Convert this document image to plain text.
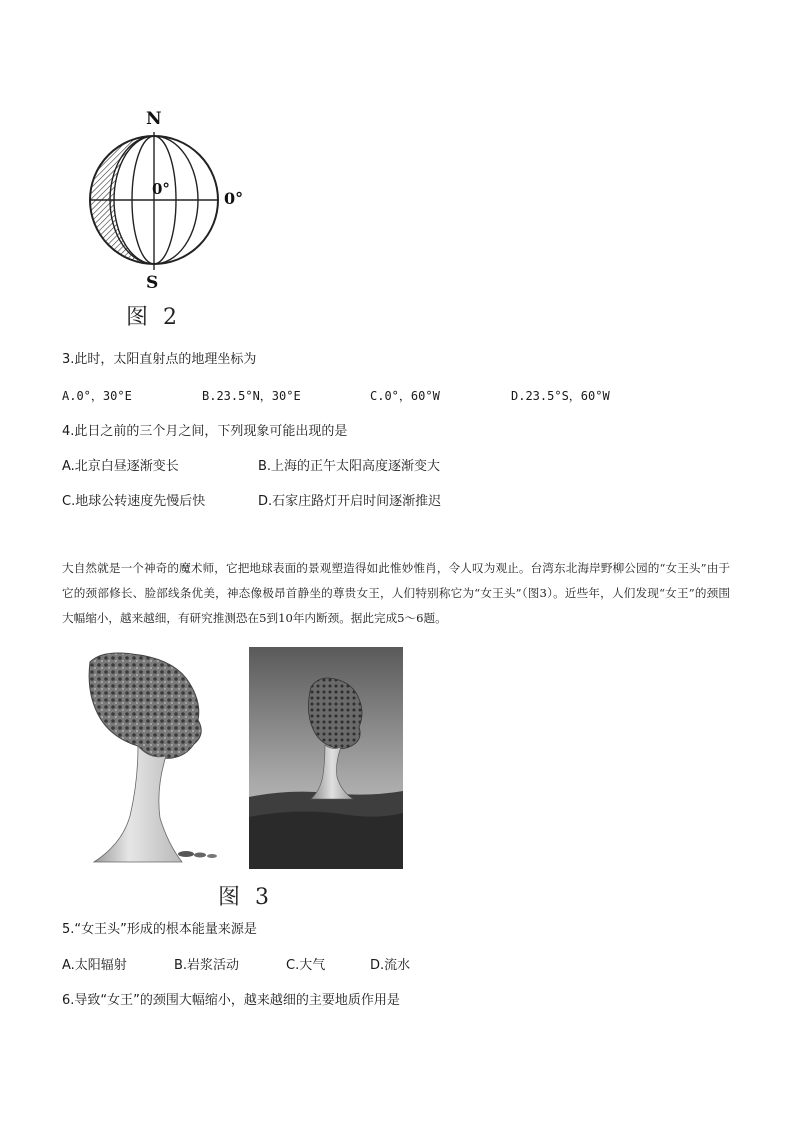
N
S
0°	0°
图 2
3.此时，太阳直射点的地理坐标为
A.0°，30°E	B.23.5°N，30°E	C.0°，60°W	D.23.5°S，60°W
4.此日之前的三个月之间，下列现象可能出现的是
A.北京白昼逐渐变长	B.上海的正午太阳高度逐渐变大
C.地球公转速度先慢后快	D.石家庄路灯开启时间逐渐推迟
大自然就是一个神奇的魔术师，它把地球表面的景观塑造得如此惟妙惟肖，令人叹为观止。台湾东北海岸野柳公园的“女王头”由于它的颈部修长、脸部线条优美，神态像极昂首静坐的尊贵女王，人们特别称它为“女王头”（图3）。近些年，人们发现“女王”的颈围大幅缩小，越来越细，有研究推测恐在5到10年内断颈。据此完成5～6题。
图 3
5.“女王头”形成的根本能量来源是
A.太阳辐射	B.岩浆活动	C.大气	D.流水
6.导致“女王”的颈围大幅缩小，越来越细的主要地质作用是
